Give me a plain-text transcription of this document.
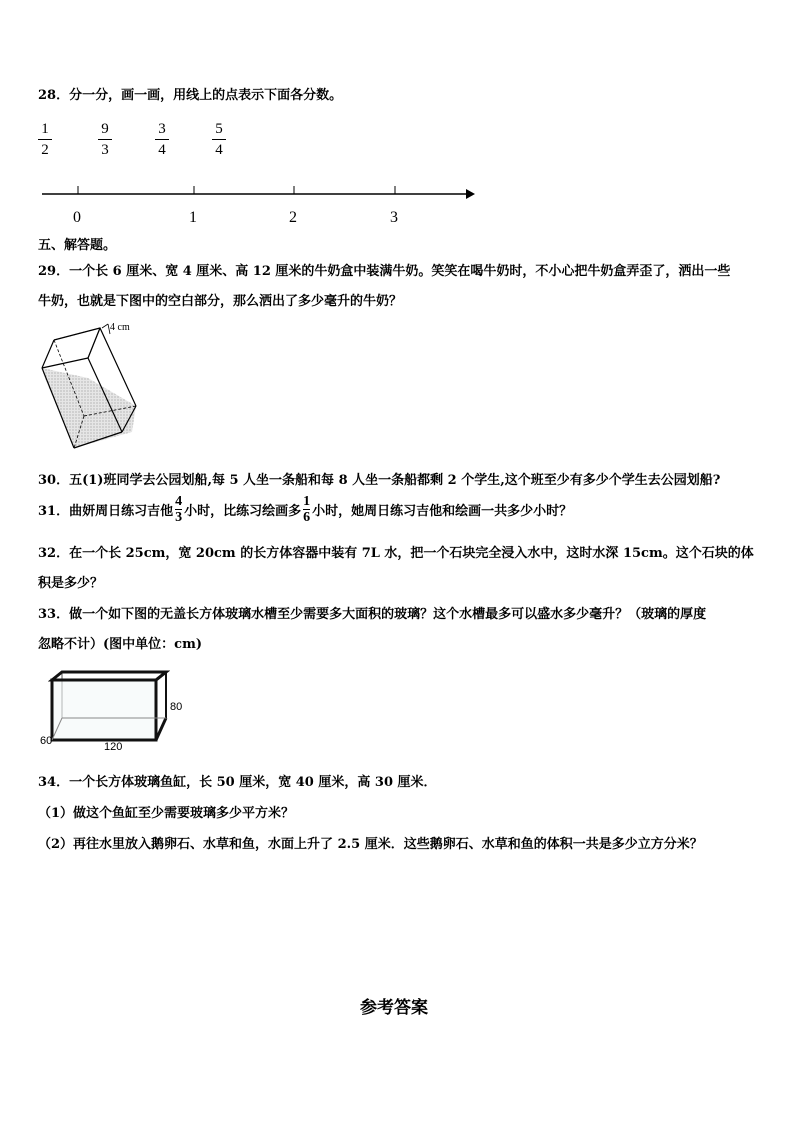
28．分一分，画一画，用线上的点表示下面各分数。
1
2
9
3
3
4
5
4
0	1	2	3
五、解答题。
29．一个长 6 厘米、宽 4 厘米、高 12 厘米的牛奶盒中装满牛奶。笑笑在喝牛奶时，不小心把牛奶盒弄歪了，洒出一些
牛奶，也就是下图中的空白部分，那么洒出了多少毫升的牛奶？
4 cm
30．五(1)班同学去公园划船,每 5 人坐一条船和每 8 人坐一条船都剩 2 个学生,这个班至少有多少个学生去公园划船?
31．曲妍周日练习吉他
4
3 小时，比练习绘画多
1
6 小时，她周日练习吉他和绘画一共多少小时？
32．在一个长 25cm，宽 20cm 的长方体容器中装有 7L 水，把一个石块完全浸入水中，这时水深 15cm。这个石块的体
积是多少？
33．做一个如下图的无盖长方体玻璃水槽至少需要多大面积的玻璃？这个水槽最多可以盛水多少毫升？（玻璃的厚度
忽略不计）(图中单位：cm)
80
60	120
34．一个长方体玻璃鱼缸，长 50 厘米，宽 40 厘米，高 30 厘米．
（1）做这个鱼缸至少需要玻璃多少平方米？
（2）再往水里放入鹅卵石、水草和鱼，水面上升了 2.5 厘米．这些鹅卵石、水草和鱼的体积一共是多少立方分米？
参考答案
